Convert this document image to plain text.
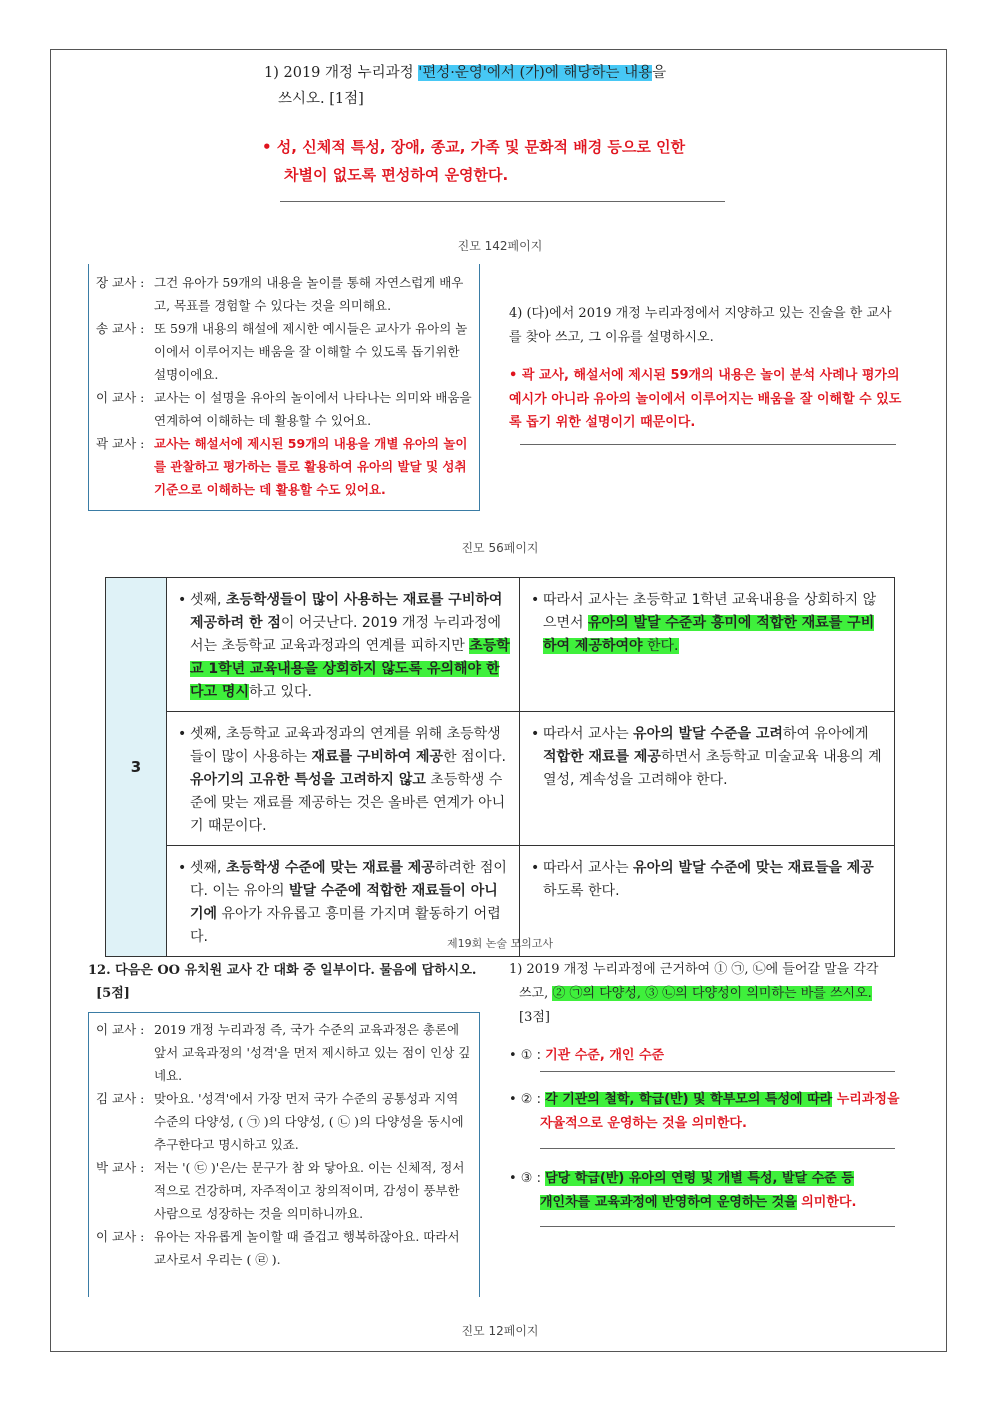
1) 2019 개정 누리과정 '편성·운영'에서 (가)에 해당하는 내용을
쓰시오. [1점]
• 성, 신체적 특성, 장애, 종교, 가족 및 문화적 배경 등으로 인한
차별이 없도록 편성하여 운영한다.
진모 142페이지
장 교사 : 그건 유아가 59개의 내용을 놀이를 통해 자연스럽게 배우고, 목표를 경험할 수 있다는 것을 의미해요.
송 교사 : 또 59개 내용의 해설에 제시한 예시들은 교사가 유아의 놀이에서 이루어지는 배움을 잘 이해할 수 있도록 돕기위한 설명이에요.
이 교사 : 교사는 이 설명을 유아의 놀이에서 나타나는 의미와 배움을 연계하여 이해하는 데 활용할 수 있어요.
곽 교사 : 교사는 해설서에 제시된 59개의 내용을 개별 유아의 놀이를 관찰하고 평가하는 틀로 활용하여 유아의 발달 및 성취 기준으로 이해하는 데 활용할 수도 있어요.
4) (다)에서 2019 개정 누리과정에서 지양하고 있는 진술을 한 교사를 찾아 쓰고, 그 이유를 설명하시오.
• 곽 교사, 해설서에 제시된 59개의 내용은 놀이 분석 사례나 평가의 예시가 아니라 유아의 놀이에서 이루어지는 배움을 잘 이해할 수 있도록 돕기 위한 설명이기 때문이다.
진모 56페이지
3	• 셋째, 초등학생들이 많이 사용하는 재료를 구비하여 제공하려 한 점이 어긋난다. 2019 개정 누리과정에서는 초등학교 교육과정과의 연계를 피하지만 초등학교 1학년 교육내용을 상회하지 않도록 유의해야 한다고 명시하고 있다.	• 따라서 교사는 초등학교 1학년 교육내용을 상회하지 않으면서 유아의 발달 수준과 흥미에 적합한 재료를 구비하여 제공하여야 한다.

	• 셋째, 초등학교 교육과정과의 연계를 위해 초등학생들이 많이 사용하는 재료를 구비하여 제공한 점이다. 유아기의 고유한 특성을 고려하지 않고 초등학생 수준에 맞는 재료를 제공하는 것은 올바른 연계가 아니기 때문이다.	• 따라서 교사는 유아의 발달 수준을 고려하여 유아에게 적합한 재료를 제공하면서 초등학교 미술교육 내용의 계열성, 계속성을 고려해야 한다.

	• 셋째, 초등학생 수준에 맞는 재료를 제공하려한 점이다. 이는 유아의 발달 수준에 적합한 재료들이 아니기에 유아가 자유롭고 흥미를 가지며 활동하기 어렵다.	• 따라서 교사는 유아의 발달 수준에 맞는 재료들을 제공하도록 한다.
제19회 논술 모의고사
12. 다음은 OO 유치원 교사 간 대화 중 일부이다. 물음에 답하시오.
[5점]
이 교사 : 2019 개정 누리과정 즉, 국가 수준의 교육과정은 총론에 앞서 교육과정의 '성격'을 먼저 제시하고 있는 점이 인상 깊네요.
김 교사 : 맞아요. '성격'에서 가장 먼저 국가 수준의 공통성과 지역 수준의 다양성, ( ㉠ )의 다양성, ( ㉡ )의 다양성을 동시에 추구한다고 명시하고 있죠.
박 교사 : 저는 '( ㉢ )'은/는 문구가 참 와 닿아요. 이는 신체적, 정서적으로 건강하며, 자주적이고 창의적이며, 감성이 풍부한 사람으로 성장하는 것을 의미하니까요.
이 교사 : 유아는 자유롭게 놀이할 때 즐겁고 행복하잖아요. 따라서 교사로서 우리는 ( ㉣ ).
1) 2019 개정 누리과정에 근거하여 ① ㉠, ㉡에 들어갈 말을 각각
쓰고, ② ㉠의 다양성, ③ ㉡의 다양성이 의미하는 바를 쓰시오.
[3점]
• ① : 기관 수준, 개인 수준
• ② : 각 기관의 철학, 학급(반) 및 학부모의 특성에 따라 누리과정을
자율적으로 운영하는 것을 의미한다.
• ③ : 담당 학급(반) 유아의 연령 및 개별 특성, 발달 수준 등
개인차를 교육과정에 반영하여 운영하는 것을 의미한다.
진모 12페이지
